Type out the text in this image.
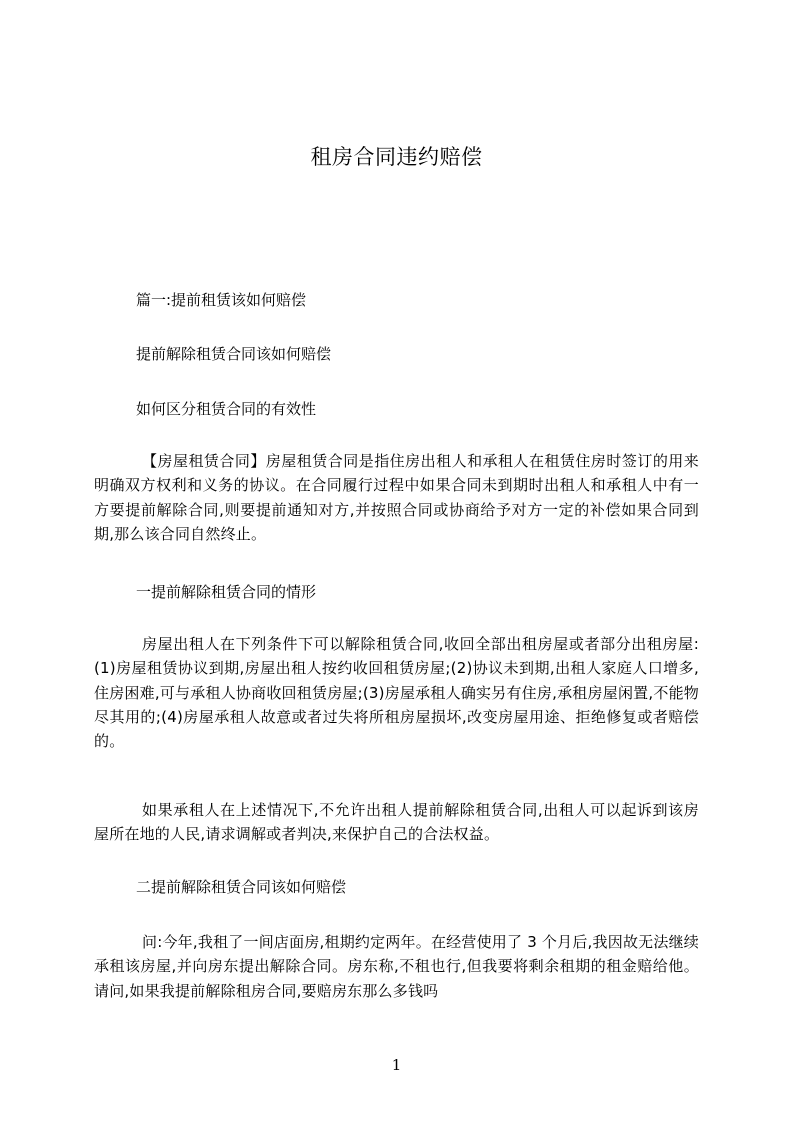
租房合同违约赔偿
篇一:提前租赁该如何赔偿
提前解除租赁合同该如何赔偿
如何区分租赁合同的有效性
【房屋租赁合同】房屋租赁合同是指住房出租人和承租人在租赁住房时签订的用来明确双方权利和义务的协议。在合同履行过程中如果合同未到期时出租人和承租人中有一方要提前解除合同,则要提前通知对方,并按照合同或协商给予对方一定的补偿如果合同到期,那么该合同自然终止。
一提前解除租赁合同的情形
房屋出租人在下列条件下可以解除租赁合同,收回全部出租房屋或者部分出租房屋:(1)房屋租赁协议到期,房屋出租人按约收回租赁房屋;(2)协议未到期,出租人家庭人口增多,住房困难,可与承租人协商收回租赁房屋;(3)房屋承租人确实另有住房,承租房屋闲置,不能物尽其用的;(4)房屋承租人故意或者过失将所租房屋损坏,改变房屋用途、拒绝修复或者赔偿的。
如果承租人在上述情况下,不允许出租人提前解除租赁合同,出租人可以起诉到该房屋所在地的人民,请求调解或者判决,来保护自己的合法权益。
二提前解除租赁合同该如何赔偿
问:今年,我租了一间店面房,租期约定两年。在经营使用了 3 个月后,我因故无法继续承租该房屋,并向房东提出解除合同。房东称,不租也行,但我要将剩余租期的租金赔给他。请问,如果我提前解除租房合同,要赔房东那么多钱吗
1
